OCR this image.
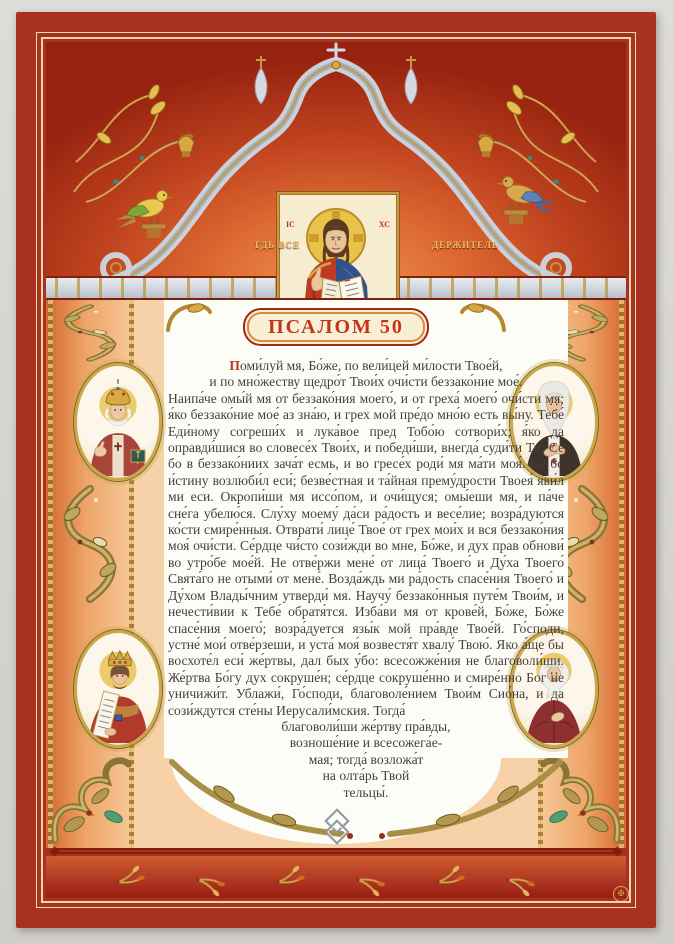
ГДЬ ВСЕ	ДЕРЖИТЕЛЬ
ІС	ХС
ПСАЛОМ 50

Поми́луй мя, Бо́же, по вели́цей ми́лости Твое́й,
и по мно́жеству щедро́т Твои́х очи́сти беззако́ние мое́.

Наипа́че омы́й мя от беззако́ния моего́, и от греха́ моего́ очи́сти мя; я́ко беззако́ние мое́ аз зна́ю, и грех мой пре́до мно́ю есть вы́ну. Тебе́ Еди́ному согреши́х и лука́вое пред Тобо́ю сотвори́х; я́ко да оправди́шися во словесе́х Твои́х, и победи́ши, внегда́ суди́ти Ти. Се бо в беззако́ниих зача́т есмь, и во гресе́х роди́ мя ма́ти моя́. Се бо и́стину возлюби́л еси́; безве́стная и та́йная прему́дрости Твоея́ яви́л ми еси. Окропи́ши мя иссо́пом, и очи́щуся; омы́еши мя, и па́че сне́га убелю́ся. Слу́ху моему́ да́си ра́дость и весе́лие; возра́дуются ко́сти смире́нныя. Отврати́ лице́ Твое́ от грех мои́х и вся беззако́ния моя́ очи́сти. Се́рдце чи́сто сози́жди во мне, Бо́же, и дух прав обнови́ во утро́бе мое́й. Не отве́ржи мене́ от лица́ Твоего́ и Ду́ха Твоего́ Свята́го не отыми́ от мене́. Возда́ждь ми ра́дость спасе́ния Твоего́ и Ду́хом Влады́чним утверди́ мя. Научу́ беззако́нныя путе́м Твои́м, и нечести́вии к Тебе́ обратя́тся. Изба́ви мя от крове́й, Бо́же, Бо́же спасе́ния моего́; возра́дуется язы́к мой пра́вде Твое́й. Го́споди, устне́ мои́ отве́рзеши, и уста́ моя́ возвестя́т хвалу́ Твою́. Яко а́ще бы восхоте́л еси́ же́ртвы, дал бых у́бо: всесожже́ния не благоволи́ши. Же́ртва Бо́гу дух сокруше́н; се́рдце сокруше́нно и смире́нно Бог не уничижи́т. Ублажи́, Го́споди, благоволе́нием Твои́м Сио́на, и да сози́ждутся сте́ны Иерусали́мския. Тогда́

благоволи́ши же́ртву пра́вды,
возноше́ние и всесожега́е-
мая; тогда́ возложа́т
на олта́рь Твой
тельцы́.
✠
